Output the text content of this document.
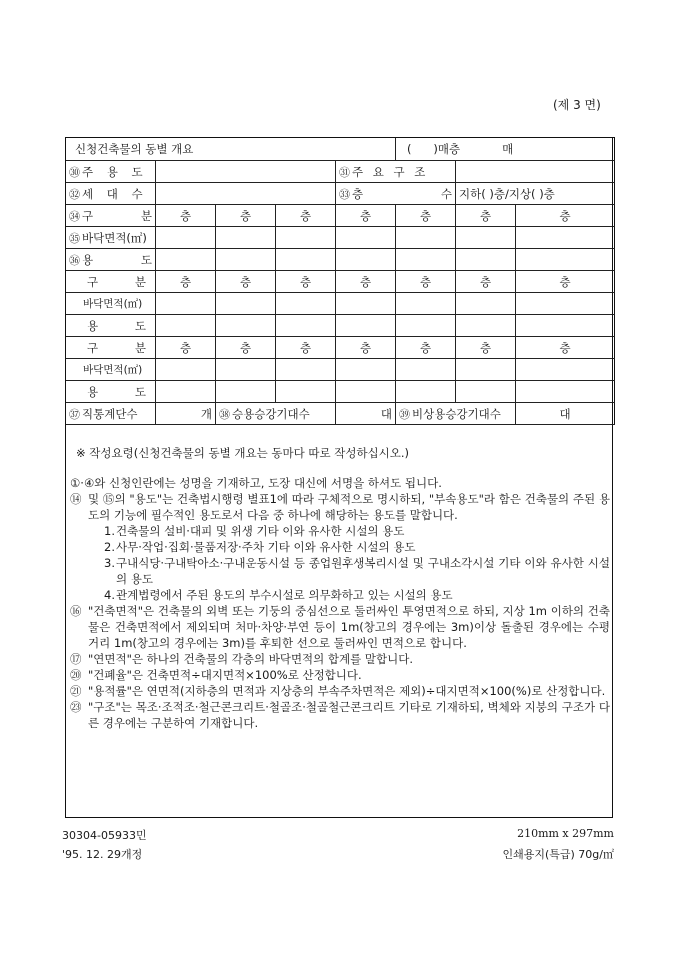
(제 3 면)
신청건축물의 동별 개요					(      )매층 매		

㉚ 주 용 도				㉛ 주 요 구 조			
㉜ 세 대 수				㉝ 층 수		지하( )층/지상( )층	

㉞ 구 분	층	층	층	층	층	층	층
㉟ 바닥면적(㎡)							

㊱ 용 도							

구 분	층	층	층	층	층	층	층
바닥면적(㎡)							

용 도							

구 분	층	층	층	층	층	층	층
바닥면적(㎡)							

용 도							

㊲ 직통계단수	개	㊳ 승용승강기대수		대	㊴ 비상용승강기대수		대
※ 작성요령(신청건축물의 동별 개요는 동마다 따로 작성하십시오.)
①·④와 신청인란에는 성명을 기재하고, 도장 대신에 서명을 하셔도 됩니다.
⑭ 및 ⑮의 "용도"는 건축법시행령 별표1에 따라 구체적으로 명시하되, "부속용도"라 함은 건축물의 주된 용도의 기능에 필수적인 용도로서 다음 중 하나에 해당하는 용도를 말합니다.
1. 건축물의 설비·대피 및 위생 기타 이와 유사한 시설의 용도
2. 사무·작업·집회·물품저장·주차 기타 이와 유사한 시설의 용도
3. 구내식당·구내탁아소·구내운동시설 등 종업원후생복리시설 및 구내소각시설 기타 이와 유사한 시설의 용도
4. 관계법령에서 주된 용도의 부수시설로 의무화하고 있는 시설의 용도
⑯ "건축면적"은 건축물의 외벽 또는 기둥의 중심선으로 둘러싸인 투영면적으로 하되, 지상 1m 이하의 건축물은 건축면적에서 제외되며 처마·차양·부연 등이 1m(창고의 경우에는 3m)이상 돌출된 경우에는 수평거리 1m(창고의 경우에는 3m)를 후퇴한 선으로 둘러싸인 면적으로 합니다.
⑰ "연면적"은 하나의 건축물의 각층의 바닥면적의 합계를 말합니다.
⑳ "건폐율"은 건축면적÷대지면적×100%로 산정합니다.
㉑ "용적률"은 연면적(지하층의 면적과 지상층의 부속주차면적은 제외)÷대지면적×100(%)로 산정합니다.
㉓ "구조"는 목조·조적조·철근콘크리트·철골조·철골철근콘크리트 기타로 기재하되, 벽체와 지붕의 구조가 다른 경우에는 구분하여 기재합니다.
30304-05933민
'95. 12. 29개정
210mm x 297mm
인쇄용지(특급) 70g/㎡
